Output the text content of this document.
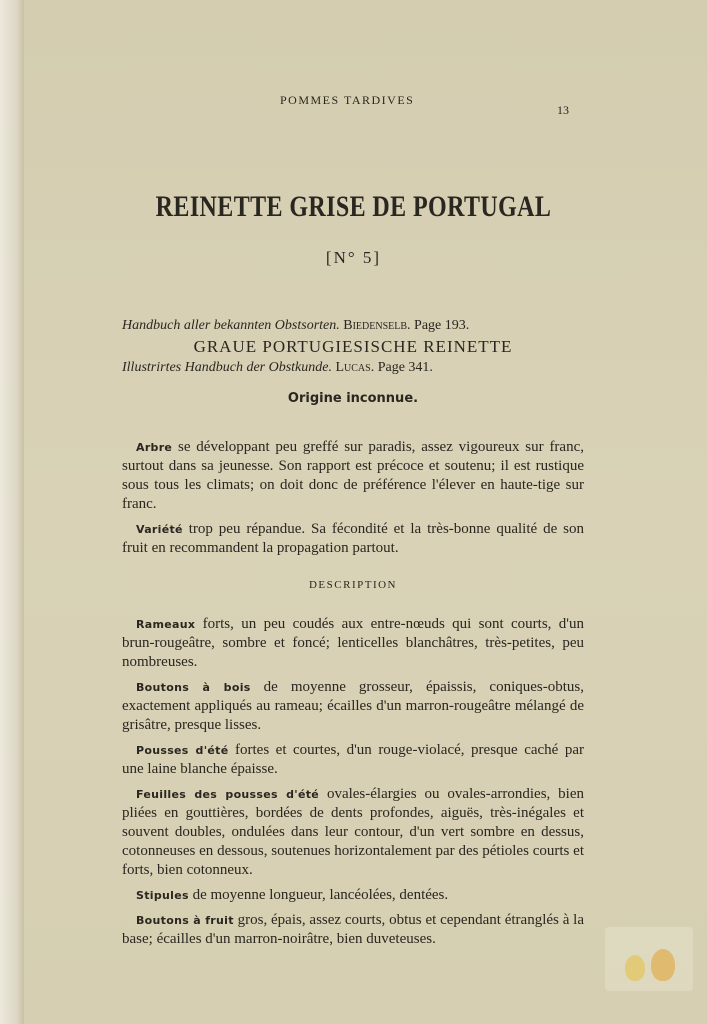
POMMES TARDIVES
13
REINETTE GRISE DE PORTUGAL
[N° 5]
Handbuch aller bekannten Obstsorten. Biedenselb. Page 193.
GRAUE PORTUGIESISCHE REINETTE
Illustrirtes Handbuch der Obstkunde. Lucas. Page 341.
Origine inconnue.

Arbre se développant peu greffé sur paradis, assez vigoureux sur franc, surtout dans sa jeunesse. Son rapport est précoce et soutenu; il est rustique sous tous les climats; on doit donc de préférence l'élever en haute-tige sur franc.

Variété trop peu répandue. Sa fécondité et la très-bonne qualité de son fruit en recommandent la propagation partout.

DESCRIPTION

Rameaux forts, un peu coudés aux entre-nœuds qui sont courts, d'un brun-rougeâtre, sombre et foncé; lenticelles blanchâtres, très-petites, peu nombreuses.

Boutons à bois de moyenne grosseur, épaissis, coniques-obtus, exactement appliqués au rameau; écailles d'un marron-rougeâtre mélangé de grisâtre, presque lisses.

Pousses d'été fortes et courtes, d'un rouge-violacé, presque caché par une laine blanche épaisse.

Feuilles des pousses d'été ovales-élargies ou ovales-arrondies, bien pliées en gouttières, bordées de dents profondes, aiguës, très-inégales et souvent doubles, ondulées dans leur contour, d'un vert sombre en dessus, cotonneuses en dessous, soutenues horizontalement par des pétioles courts et forts, bien cotonneux.

Stipules de moyenne longueur, lancéolées, dentées.

Boutons à fruit gros, épais, assez courts, obtus et cependant étranglés à la base; écailles d'un marron-noirâtre, bien duveteuses.
